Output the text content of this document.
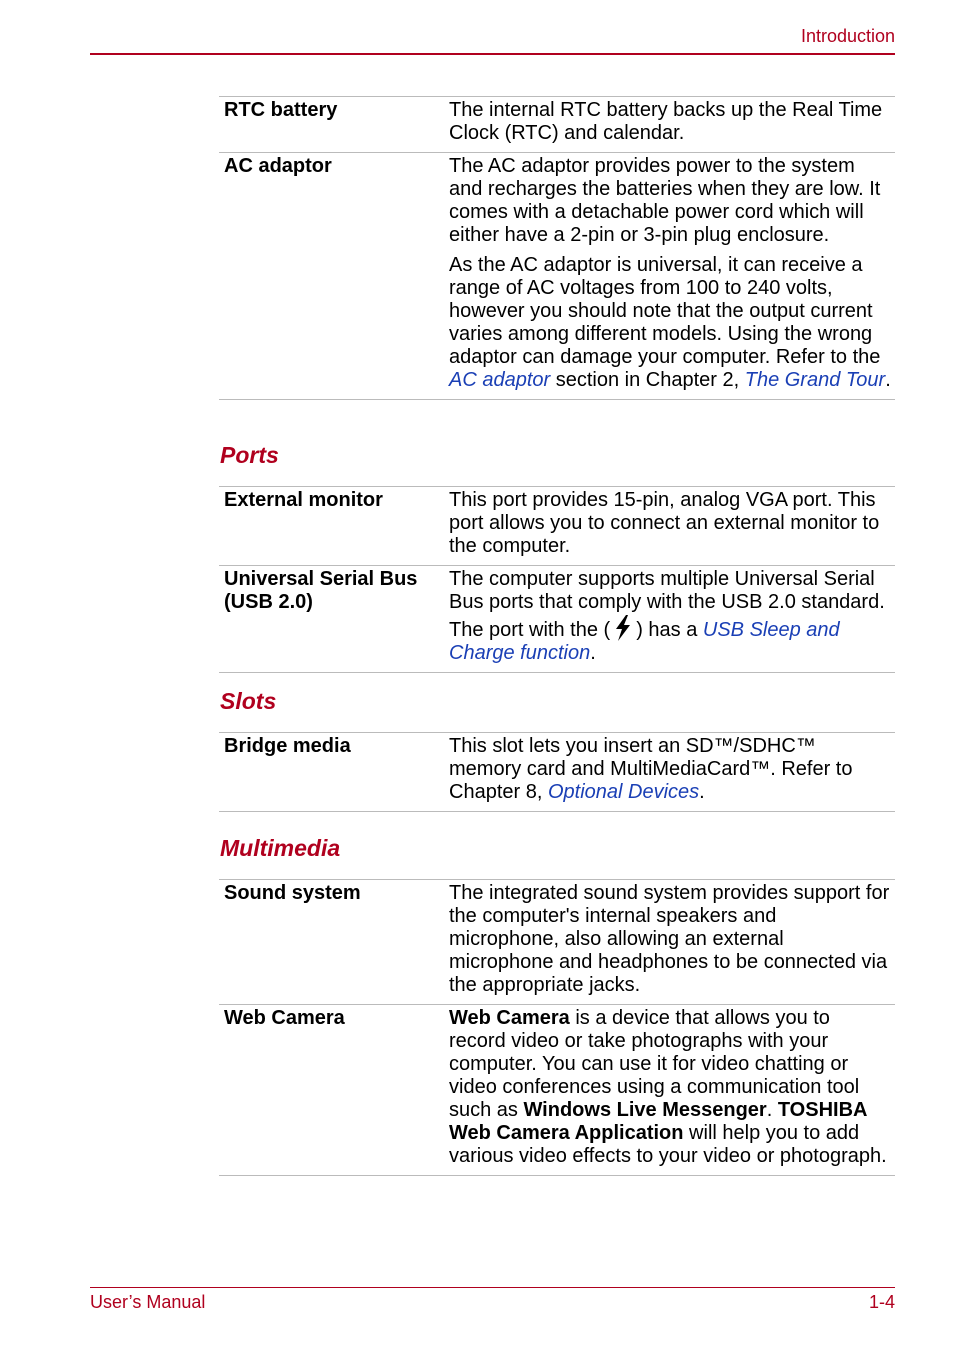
Introduction
RTC battery	The internal RTC battery backs up the Real Time Clock (RTC) and calendar.
AC adaptor	The AC adaptor provides power to the system and recharges the batteries when they are low. It comes with a detachable power cord which will either have a 2-pin or 3-pin plug enclosure.

As the AC adaptor is universal, it can receive a range of AC voltages from 100 to 240 volts, however you should note that the output current varies among different models. Using the wrong adaptor can damage your computer. Refer to the AC adaptor section in Chapter 2, The Grand Tour.

Ports
External monitor	This port provides 15-pin, analog VGA port. This port allows you to connect an external monitor to the computer.
Universal Serial Bus (USB 2.0)	The computer supports multiple Universal Serial Bus ports that comply with the USB 2.0 standard. The port with the ( ) has a USB Sleep and Charge function.
Slots
Bridge media	This slot lets you insert an SD™/SDHC™ memory card and MultiMediaCard™. Refer to Chapter 8, Optional Devices.
Multimedia
Sound system	The integrated sound system provides support for the computer's internal speakers and microphone, also allowing an external microphone and headphones to be connected via the appropriate jacks.
Web Camera	Web Camera is a device that allows you to record video or take photographs with your computer. You can use it for video chatting or video conferences using a communication tool such as Windows Live Messenger. TOSHIBA Web Camera Application will help you to add various video effects to your video or photograph.
User’s Manual	1-4
